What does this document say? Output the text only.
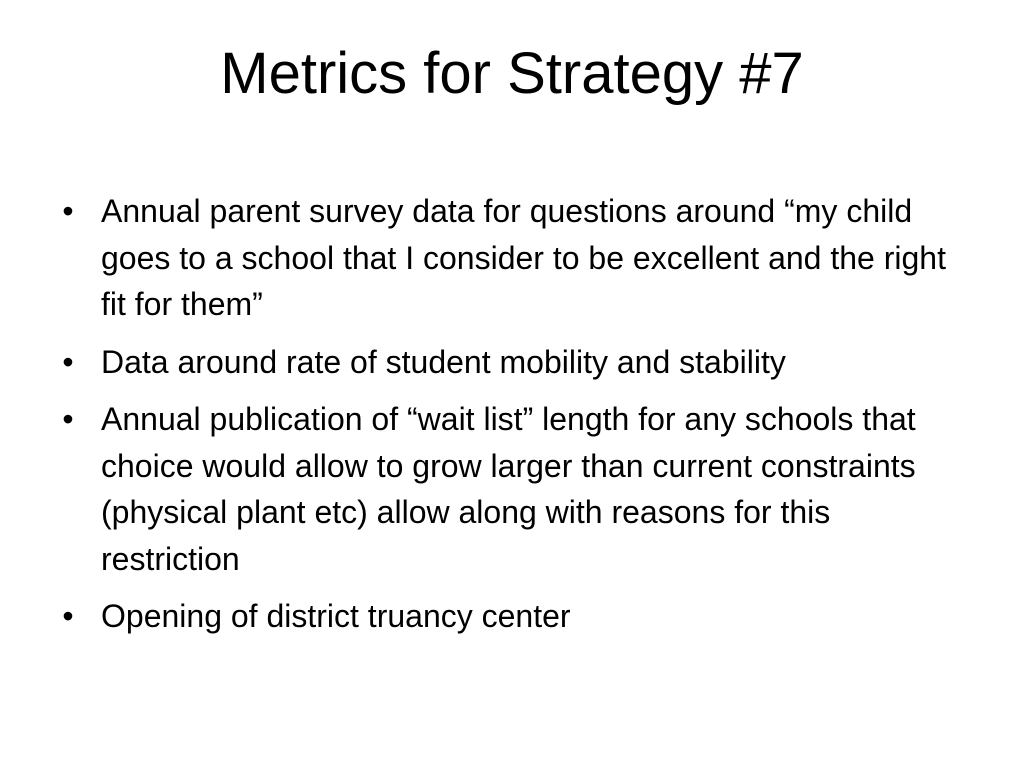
Metrics for Strategy #7
• Annual parent survey data for questions around “my child goes to a school that I consider to be excellent and the right fit for them”
• Data around rate of student mobility and stability
• Annual publication of “wait list” length for any schools that choice would allow to grow larger than current constraints (physical plant etc) allow along with reasons for this restriction
• Opening of district truancy center
